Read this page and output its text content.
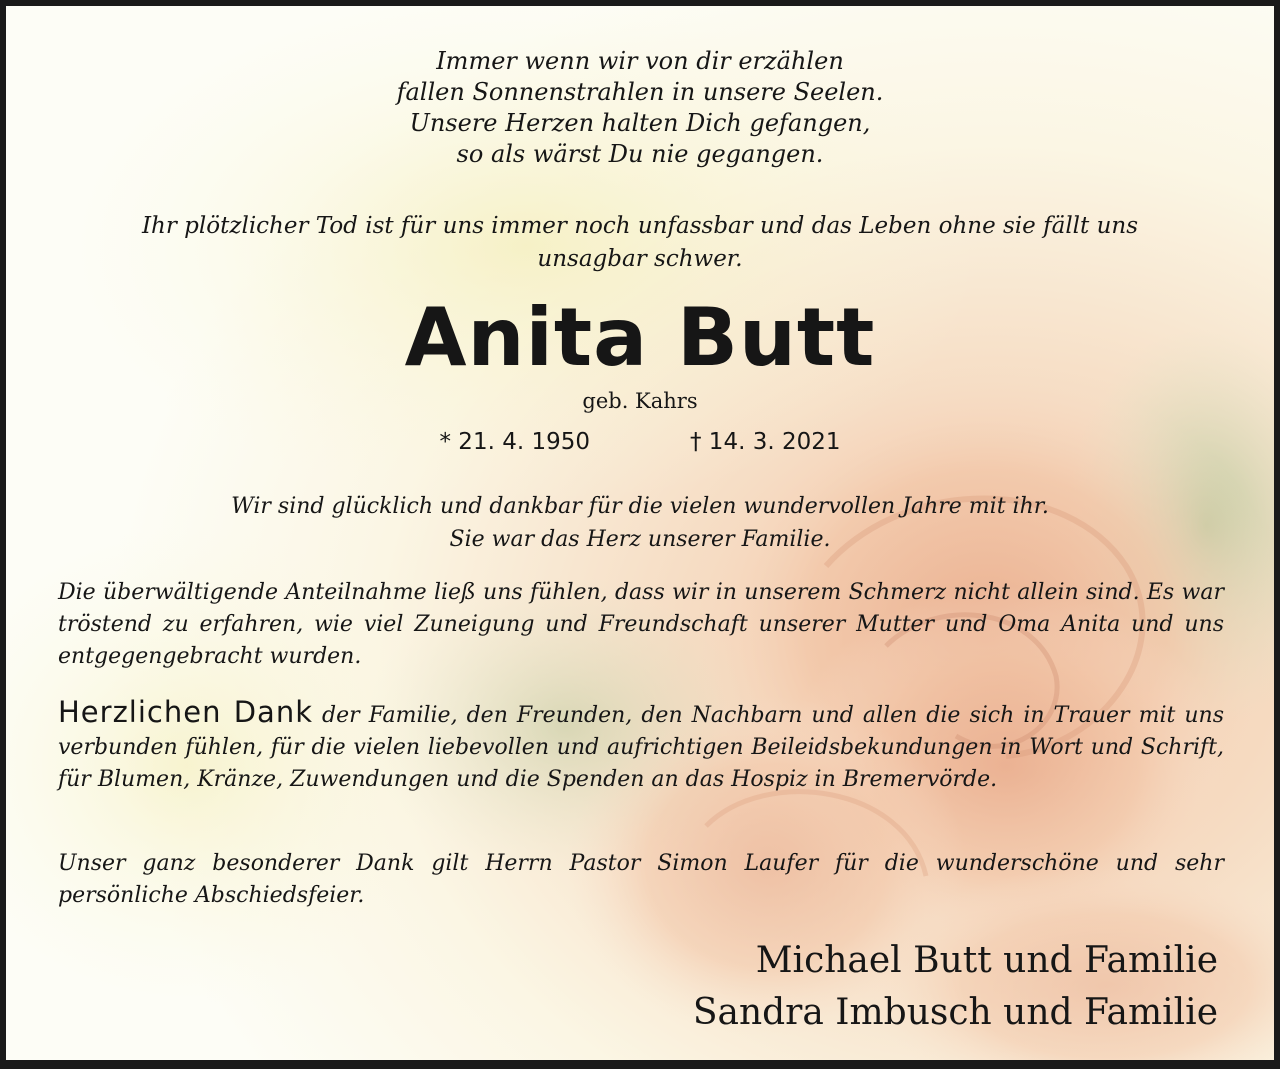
Immer wenn wir von dir erzählen
fallen Sonnenstrahlen in unsere Seelen.
Unsere Herzen halten Dich gefangen,
so als wärst Du nie gegangen.
Ihr plötzlicher Tod ist für uns immer noch unfassbar und das Leben ohne sie fällt uns
unsagbar schwer.
Anita Butt
geb. Kahrs
* 21. 4. 1950	† 14. 3. 2021
Wir sind glücklich und dankbar für die vielen wundervollen Jahre mit ihr.
Sie war das Herz unserer Familie.
Die überwältigende Anteilnahme ließ uns fühlen, dass wir in unserem Schmerz nicht allein sind. Es war tröstend zu erfahren, wie viel Zuneigung und Freundschaft unserer Mutter und Oma Anita und uns entgegengebracht wurden.
Herzlichen Dank der Familie, den Freunden, den Nachbarn und allen die sich in Trauer mit uns verbunden fühlen, für die vielen liebevollen und aufrichtigen Beileidsbekundungen in Wort und Schrift, für Blumen, Kränze, Zuwendungen und die Spenden an das Hospiz in Bremervörde.
Unser ganz besonderer Dank gilt Herrn Pastor Simon Laufer für die wunderschöne und sehr persönliche Abschiedsfeier.
Michael Butt und Familie
Sandra Imbusch und Familie
